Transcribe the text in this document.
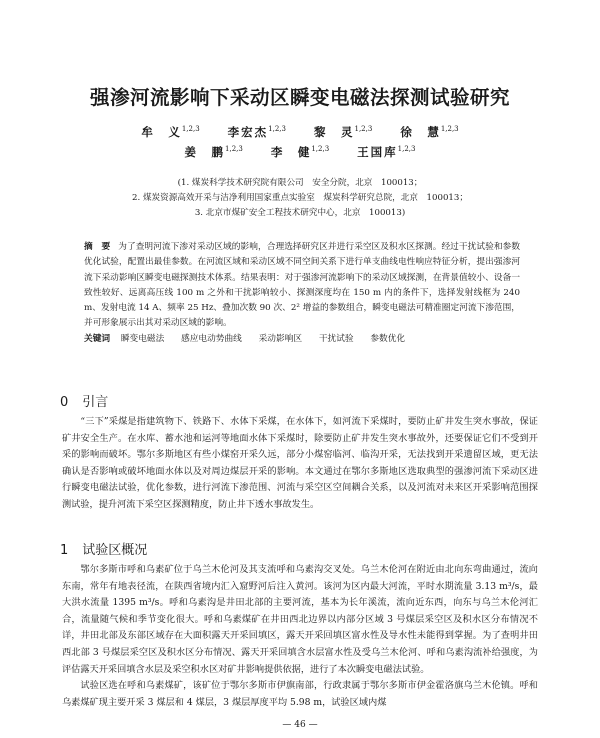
强渗河流影响下采动区瞬变电磁法探测试验研究
牟　义$^{1,2,3}$ 李宏杰$^{1,2,3}$ 黎　灵$^{1,2,3}$ 徐　慧$^{1,2,3}$
姜　鹏$^{1,2,3}$ 李　健$^{1,2,3}$ 王国库$^{1,2,3}$
(1. 煤炭科学技术研究院有限公司　安全分院，北京　100013；
2. 煤炭资源高效开采与洁净利用国家重点实验室　煤炭科学研究总院，北京　100013；
3. 北京市煤矿安全工程技术研究中心，北京　100013)
摘　要 为了查明河流下渗对采动区域的影响，合理选择研究区并进行采空区及积水区探测。经过干扰试验和参数优化试验，配置出最佳参数。在河流区域和采动区域不同空间关系下进行单支曲线电性响应特征分析，提出强渗河流下采动影响区瞬变电磁探测技术体系。结果表明：对于强渗河流影响下的采动区域探测，在背景值较小、设备一致性较好、远离高压线 100 m 之外和干扰影响较小、探测深度均在 150 m 内的条件下，选择发射线框为 240 m、发射电流 14 A、频率 25 Hz、叠加次数 90 次、2² 增益的参数组合，瞬变电磁法可精准圈定河流下渗范围，并可形象展示出其对采动区域的影响。
关键词 瞬变电磁法 感应电动势曲线 采动影响区 干扰试验 参数优化
0 引言

“三下”采煤是指建筑物下、铁路下、水体下采煤，在水体下，如河流下采煤时，要防止矿井发生突水事故，保证矿井安全生产。在水库、蓄水池和运河等地面水体下采煤时，除要防止矿井发生突水事故外，还要保证它们不受到开采的影响而破坏。鄂尔多斯地区有些小煤窑开采久远，部分小煤窑临河、临沟开采，无法找到开采遗留区域，更无法确认是否影响或破坏地面水体以及对周边煤层开采的影响。本文通过在鄂尔多斯地区选取典型的强渗河流下采动区进行瞬变电磁法试验，优化参数，进行河流下渗范围、河流与采空区空间耦合关系，以及河流对未来区开采影响范围探测试验，提升河流下采空区探测精度，防止井下透水事故发生。

1 试验区概况

鄂尔多斯市呼和乌素矿位于乌兰木伦河及其支流呼和乌素沟交叉处。乌兰木伦河在附近由北向东弯曲通过，流向东南，常年有地表径流，在陕西省境内汇入窟野河后注入黄河。该河为区内最大河流，平时水期流量 3.13 m³/s，最大洪水流量 1395 m³/s。呼和乌素沟是井田北部的主要河流，基本为长年溪流，流向近东西，向东与乌兰木伦河汇合，流量随气候和季节变化很大。呼和乌素煤矿在井田西北边界以内部分区域 3 号煤层采空区及积水区分布情况不详，井田北部及东部区域存在大面积露天开采回填区，露天开采回填区富水性及导水性未能得到掌握。为了查明井田西北部 3 号煤层采空区及积水区分布情况、露天开采回填含水层富水性及受乌兰木伦河、呼和乌素沟流补给强度，为评估露天开采回填含水层及采空积水区对矿井影响提供依据，进行了本次瞬变电磁法试验。

试验区选在呼和乌素煤矿，该矿位于鄂尔多斯市伊旗南部，行政隶属于鄂尔多斯市伊金霍洛旗乌兰木伦镇。呼和乌素煤矿现主要开采 3 煤层和 4 煤层，3 煤层厚度平均 5.98 m，试验区域内煤

— 46 —
